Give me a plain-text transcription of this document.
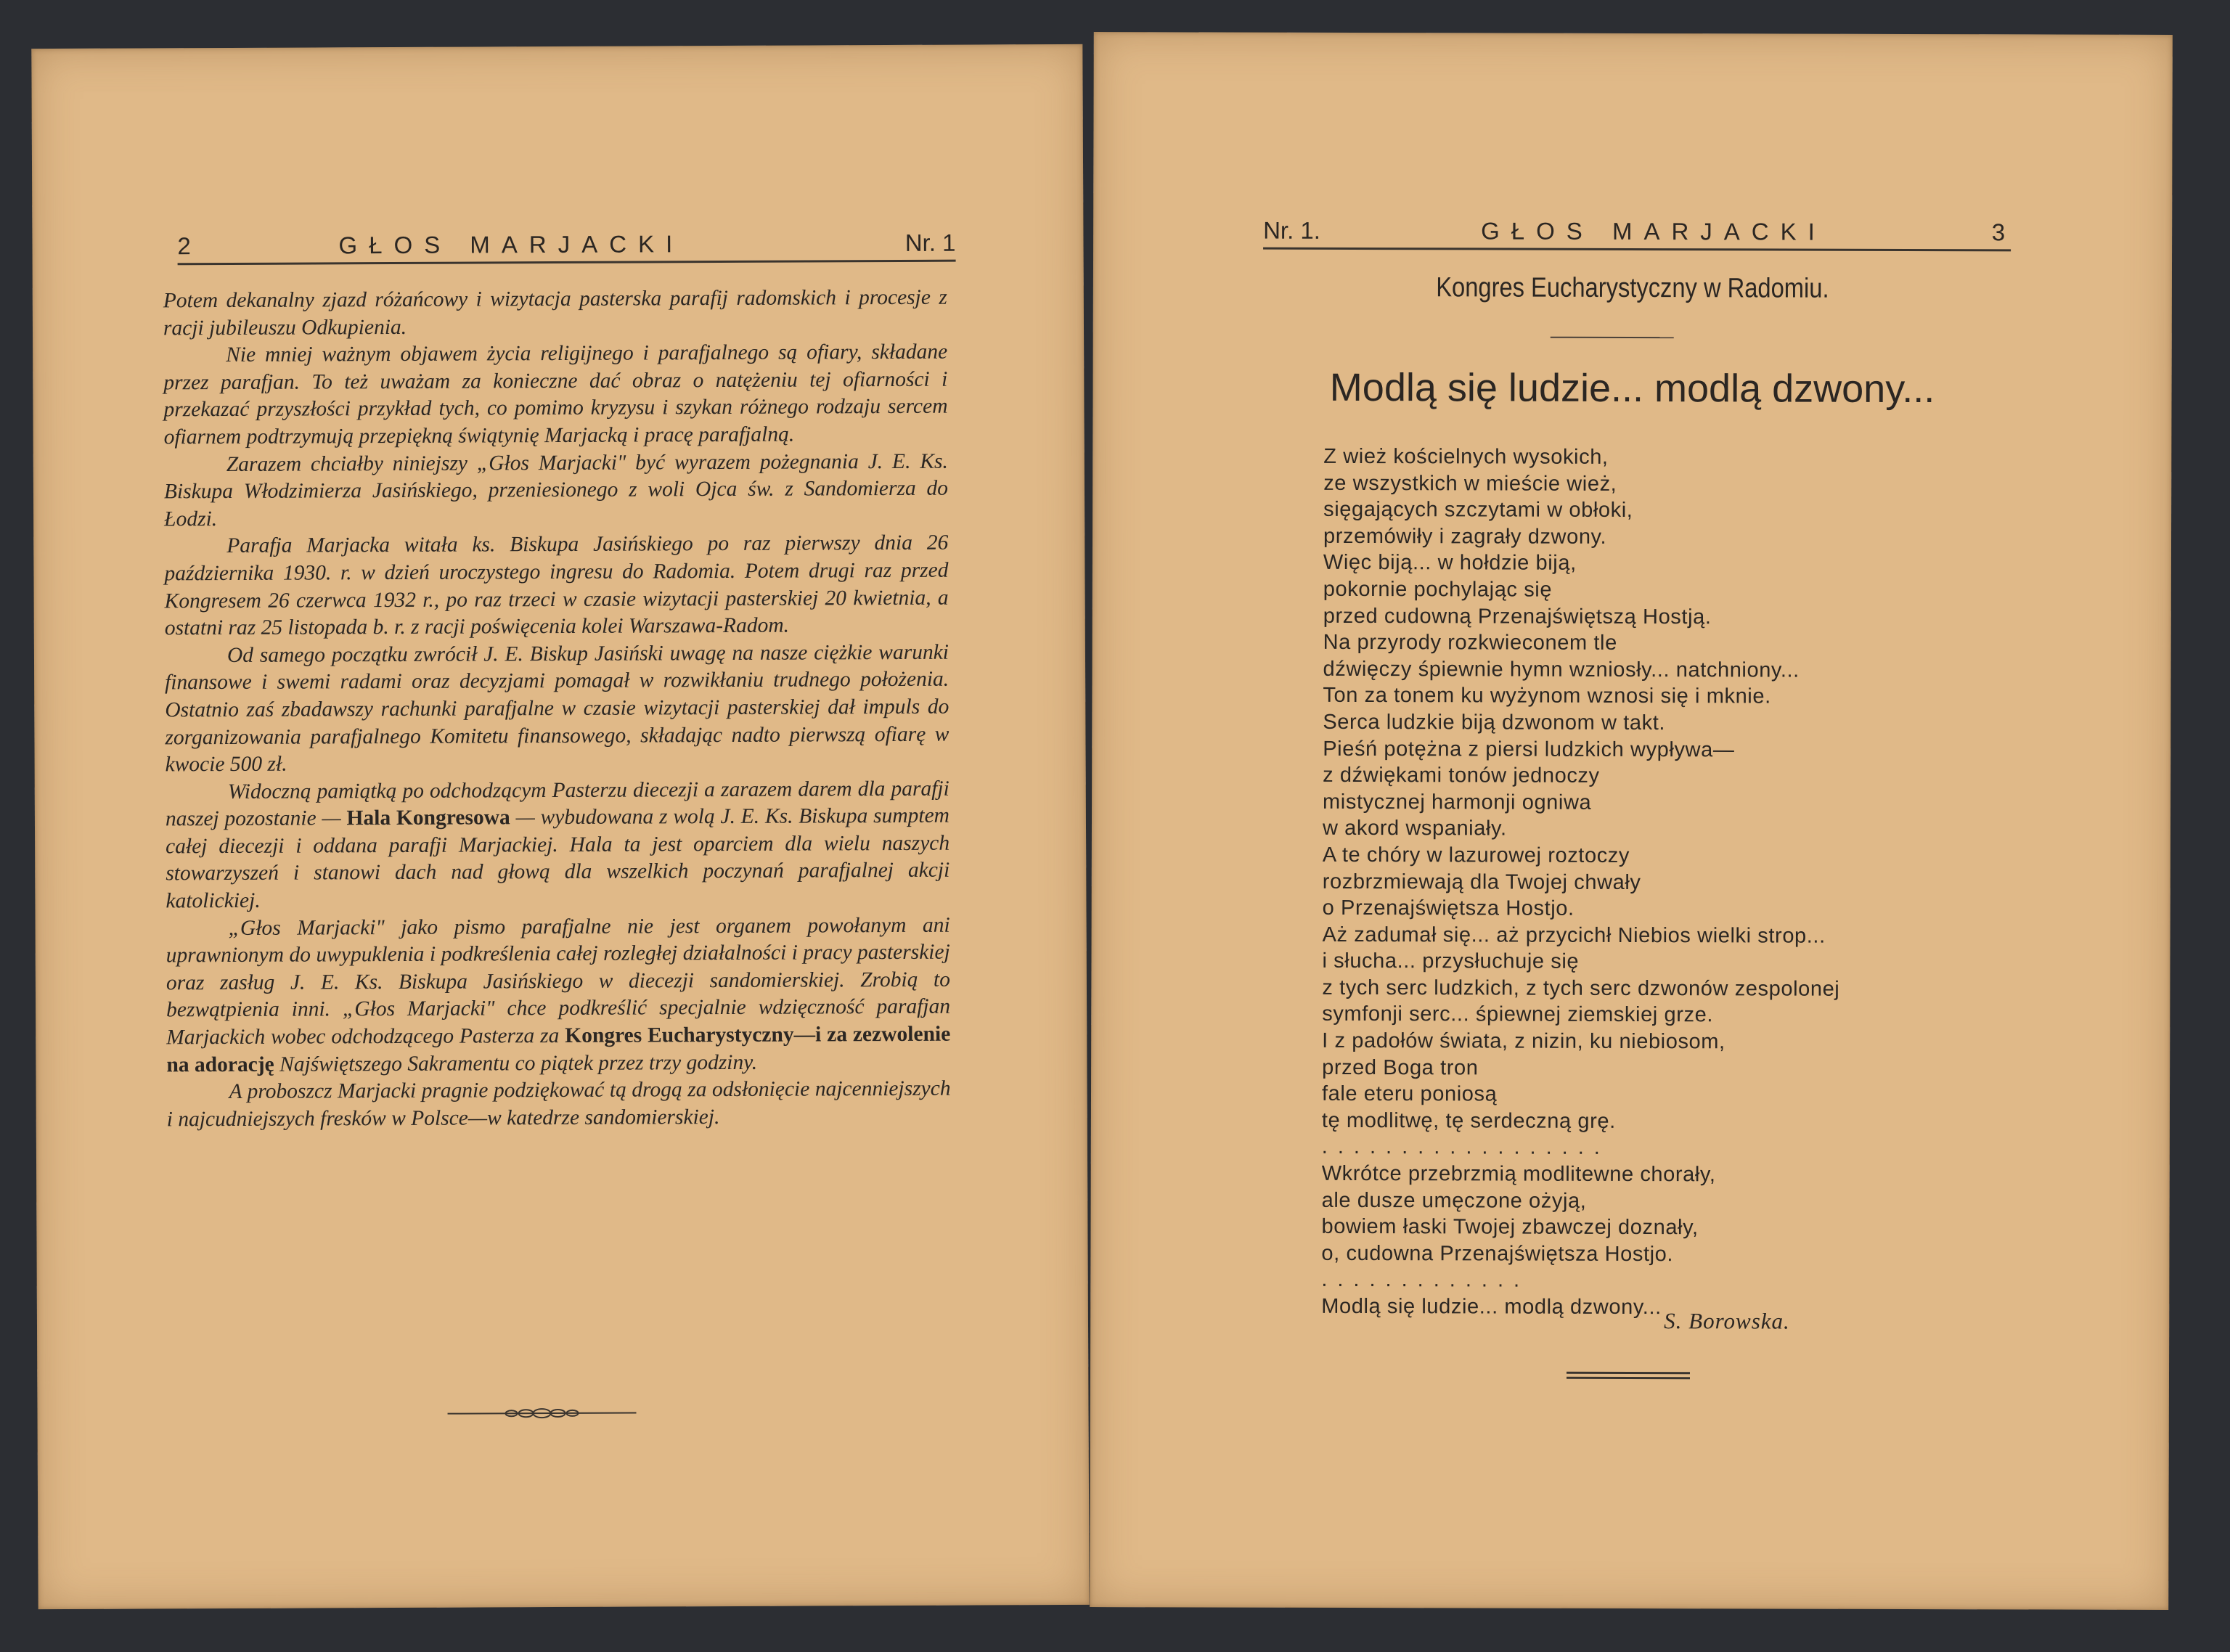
2	GŁOS MARJACKI	Nr. 1

Potem dekanalny zjazd różańcowy i wizytacja pasterska parafij radomskich i procesje z racji jubileuszu Odkupienia.

Nie mniej ważnym objawem życia religijnego i parafjalnego są ofiary, składane przez parafjan. To też uważam za konieczne dać obraz o natężeniu tej ofiarności i przekazać przyszłości przykład tych, co pomimo kryzysu i szykan różnego rodzaju sercem ofiarnem podtrzymują przepiękną świątynię Marjacką i pracę parafjalną.

Zarazem chciałby niniejszy „Głos Marjacki" być wyrazem pożegnania J. E. Ks. Biskupa Włodzimierza Jasińskiego, przeniesionego z woli Ojca św. z Sandomierza do Łodzi.

Parafja Marjacka witała ks. Biskupa Jasińskiego po raz pierwszy dnia 26 października 1930. r. w dzień uroczystego ingresu do Radomia. Potem drugi raz przed Kongresem 26 czerwca 1932 r., po raz trzeci w czasie wizytacji pasterskiej 20 kwietnia, a ostatni raz 25 listopada b. r. z racji poświęcenia kolei Warszawa-Radom.

Od samego początku zwrócił J. E. Biskup Jasiński uwagę na nasze ciężkie warunki finansowe i swemi radami oraz decyzjami pomagał w rozwikłaniu trudnego położenia. Ostatnio zaś zbadawszy rachunki parafjalne w czasie wizytacji pasterskiej dał impuls do zorganizowania parafjalnego Komitetu finansowego, składając nadto pierwszą ofiarę w kwocie 500 zł.

Widoczną pamiątką po odchodzącym Pasterzu diecezji a zarazem darem dla parafji naszej pozostanie — Hala Kongresowa — wybudowana z wolą J. E. Ks. Biskupa sumptem całej diecezji i oddana parafji Marjackiej. Hala ta jest oparciem dla wielu naszych stowarzyszeń i stanowi dach nad głową dla wszelkich poczynań parafjalnej akcji katolickiej.

„Głos Marjacki" jako pismo parafjalne nie jest organem powołanym ani uprawnionym do uwypuklenia i podkreślenia całej rozległej działalności i pracy pasterskiej oraz zasług J. E. Ks. Biskupa Jasińskiego w diecezji sandomierskiej. Zrobią to bezwątpienia inni. „Głos Marjacki" chce podkreślić specjalnie wdzięczność parafjan Marjackich wobec odchodzącego Pasterza za Kongres Eucharystyczny—i za zezwolenie na adorację Najświętszego Sakramentu co piątek przez trzy godziny.

A proboszcz Marjacki pragnie podziękować tą drogą za odsłonięcie najcenniejszych i najcudniejszych fresków w Polsce—w katedrze sandomierskiej.

Nr. 1.	GŁOS MARJACKI	3
Kongres Eucharystyczny w Radomiu.
Modlą się ludzie... modlą dzwony...
Z wież kościelnych wysokich,
ze wszystkich w mieście wież,
sięgających szczytami w obłoki,
przemówiły i zagrały dzwony.
Więc biją... w hołdzie biją,
pokornie pochylając się
przed cudowną Przenajświętszą Hostją.
Na przyrody rozkwieconem tle
dźwięczy śpiewnie hymn wzniosły... natchniony...
Ton za tonem ku wyżynom wznosi się i mknie.
Serca ludzkie biją dzwonom w takt.
Pieśń potężna z piersi ludzkich wypływa—
z dźwiękami tonów jednoczy
mistycznej harmonji ogniwa
w akord wspaniały.
A te chóry w lazurowej roztoczy
rozbrzmiewają dla Twojej chwały
o Przenajświętsza Hostjo.
Aż zadumał się... aż przycichł Niebios wielki strop...
i słucha... przysłuchuje się
z tych serc ludzkich, z tych serc dzwonów zespolonej
symfonji serc... śpiewnej ziemskiej grze.
I z padołów świata, z nizin, ku niebiosom,
przed Boga tron
fale eteru poniosą
tę modlitwę, tę serdeczną grę.
..................
Wkrótce przebrzmią modlitewne chorały,
ale dusze umęczone ożyją,
bowiem łaski Twojej zbawczej doznały,
o, cudowna Przenajświętsza Hostjo.
.............
Modlą się ludzie... modlą dzwony...
S. Borowska.
